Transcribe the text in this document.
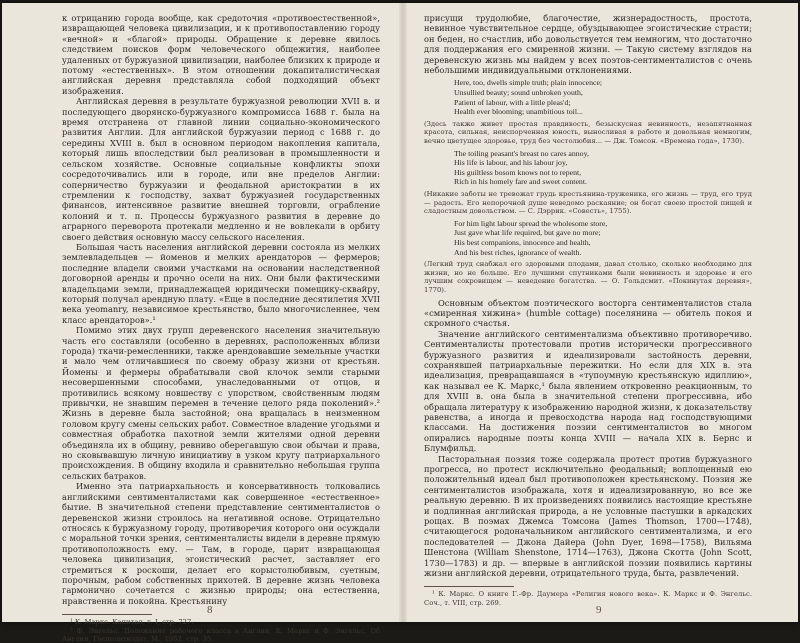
к отрицанию города вообще, как средоточия «противоестественной», извращающей человека цивилизации, и к противопоставлению городу «вечной» и «благой» природы. Обращение к деревне явилось следствием поисков форм человеческого общежития, наиболее удаленных от буржуазной цивилизации, наиболее близких к природе и потому «естественных». В этом отношении докапиталистическая английская деревня представляла собой подходящий объект изображения.

Английская деревня в результате буржуазной революции XVII в. и последующего дворянско-буржуазного компромисса 1688 г. была на время отстранена от главной линии социально-экономического развития Англии. Для английской буржуазии период с 1688 г. до середины XVIII в. был в основном периодом накопления капитала, который лишь впоследствии был реализован в промышленности и сельском хозяйстве. Основные социальные конфликты эпохи сосредоточивались или в городе, или вне пределов Англии: соперничество буржуазии и феодальной аристократии в их стремлении к господству, захват буржуазией государственных финансов, интенсивное развитие внешней торговли, ограбление колоний и т. п. Процессы буржуазного развития в деревне до аграрного переворота протекали медленно и не вовлекали в орбиту своего действия основную массу сельского населения.

Большая часть населения английской деревни состояла из мелких землевладельцев — йоменов и мелких арендаторов — фермеров; последние владели своими участками на основании наследственной договорной аренды и прочно осели на них. Они были фактическими владельцами земли, принадлежащей юридически помещику-сквайру, который получал арендную плату. «Еще в последние десятилетия XVII века yeomanry, независимое крестьянство, было многочисленнее, чем класс арендаторов».¹

Помимо этих двух групп деревенского населения значительную часть его составляли (особенно в деревнях, расположенных вблизи города) ткачи-ремесленники, также арендовавшие земельные участки и мало чем отличавшиеся по своему образу жизни от крестьян. Йомены и фермеры обрабатывали свой клочок земли старыми несовершенными способами, унаследованными от отцов, и противились всякому новшеству с упорством, свойственным людям привычки, не знавшим перемен в течение целого ряда поколений».² Жизнь в деревне была застойной; она вращалась в неизменном головом кругу смены сельских работ. Совместное владение угодьями и совместная обработка пахотной земли жителями одной деревни объединяла их в общину, ревниво оберегавшую свои обычаи и права, но сковывавшую личную инициативу в узком кругу патриархального происхождения. В общину входила и сравнительно небольшая группа сельских батраков.

Именно эта патриархальность и консервативность толковались английскими сентименталистами как совершенное «естественное» бытие. В значительной степени представление сентименталистов о деревенской жизни строилось на негативной основе. Отрицательно относясь к буржуазному городу, противоречия которого они осуждали с моральной точки зрения, сентименталисты видели в деревне прямую противоположность ему. — Там, в городе, царит извращающая человека цивилизация, эгоистический расчет, заставляет его стремиться к роскоши, делает его корыстолюбивым, суетным, порочным, рабом собственных прихотей. В деревне жизнь человека гармонично сочетается с жизнью природы; она естественна, нравственна и покойна. Крестьянину

¹ К. Маркс. Капитал, т. I, стр. 727.

² Ф. Энгельс. Положение рабочего класса в Англии, К. Маркс и Ф. Энгельс. Об Англии, Госполитиздат, М., 1952, стр. 35.

8

присущи трудолюбие, благочестие, жизнерадостность, простота, невинное чувствительное сердце, обуздывающее эгоистические страсти; он беден, но счастлив, ибо довольствуется тем немногим, что достаточно для поддержания его смиренной жизни. — Такую систему взглядов на деревенскую жизнь мы найдем у всех поэтов-сентименталистов с очень небольшими индивидуальными отклонениями.

Here, too, dwells simple truth; plain innocence;
Unsullied beauty; sound unbroken youth,
Patient of labour, with a little pleas'd;
Health ever blooming; unambitious toil...

(Здесь также живет простая правдивость, безыскусная невинность, незапятнанная красота, сильная, неиспорченная юность, выносливая в работе и довольная немногим, вечно цветущее здоровье, труд без честолюбия... — Дж. Томсон. «Времена года», 1730).

The toiling peasant's breast no cares annoy,
His life is labour, and his labour joy,
His guiltless bosom knows not to repent,
Rich in his homely fare and sweet content.

(Никакие заботы не тревожат грудь крестьянина-труженика, его жизнь — труд, его труд — радость. Его непорочной душе неведомо раскаяние; он богат своею простой пищей и сладостным довольством. — С. Дэррик. «Совесть», 1755).

For him light labour spread the wholesome store,
Just gave what life required, but gave no more;
His best companions, innocence and health,
And his best riches, ignorance of wealth.

(Легкий труд снабжал его здоровыми плодами, давал столько, сколько необходимо для жизни, но не больше. Его лучшими спутниками были невинность и здоровье и его лучшим сокровищем — неведение богатства. — О. Гольдсмит. «Покинутая деревня», 1770).

Основным объектом поэтического восторга сентименталистов стала «смиренная хижина» (humble cottage) поселянина — обитель покоя и скромного счастья.

Значение английского сентиментализма объективно противоречиво. Сентименталисты протестовали против исторически прогрессивного буржуазного развития и идеализировали застойность деревни, сохранявшей патриархальные пережитки. Но если для XIX в. эта идеализация, превращавшаяся в «тупоумную крестьянскую идиллию», как называл ее К. Маркс,¹ была явлением откровенно реакционным, то для XVIII в. она была в значительной степени прогрессивна, ибо обращала литературу к изображению народной жизни, к доказательству равенства, а иногда и превосходства народа над господствующими классами. На достижения поэзии сентименталистов во многом опирались народные поэты конца XVIII — начала XIX в. Бернс и Блумфильд.

Пасторальная поэзия тоже содержала протест против буржуазного прогресса, но протест исключительно феодальный; воплощенный ею положительный идеал был противоположен крестьянскому. Поэзия же сентименталистов изображала, хотя и идеализированную, но все же реальную деревню. В их произведениях появились настоящие крестьяне и подлинная английская природа, а не условные пастушки в аркадских рощах. В поэмах Джемса Томсона (James Thomson, 1700—1748), считающегося родоначальником английского сентиментализма, и его последователей — Джона Дайера (John Dyer, 1698—1758), Вильяма Шенстона (William Shenstone, 1714—1763), Джона Скотта (John Scott, 1730—1783) и др. — впервые в английской поэзии появились картины жизни английской деревни, отрицательного труда, быта, развлечений.

¹ К. Маркс. О книге Г.-Фр. Даумера «Религия нового века». К. Маркс и Ф. Энгельс. Соч., т. VIII, стр. 269.

9
